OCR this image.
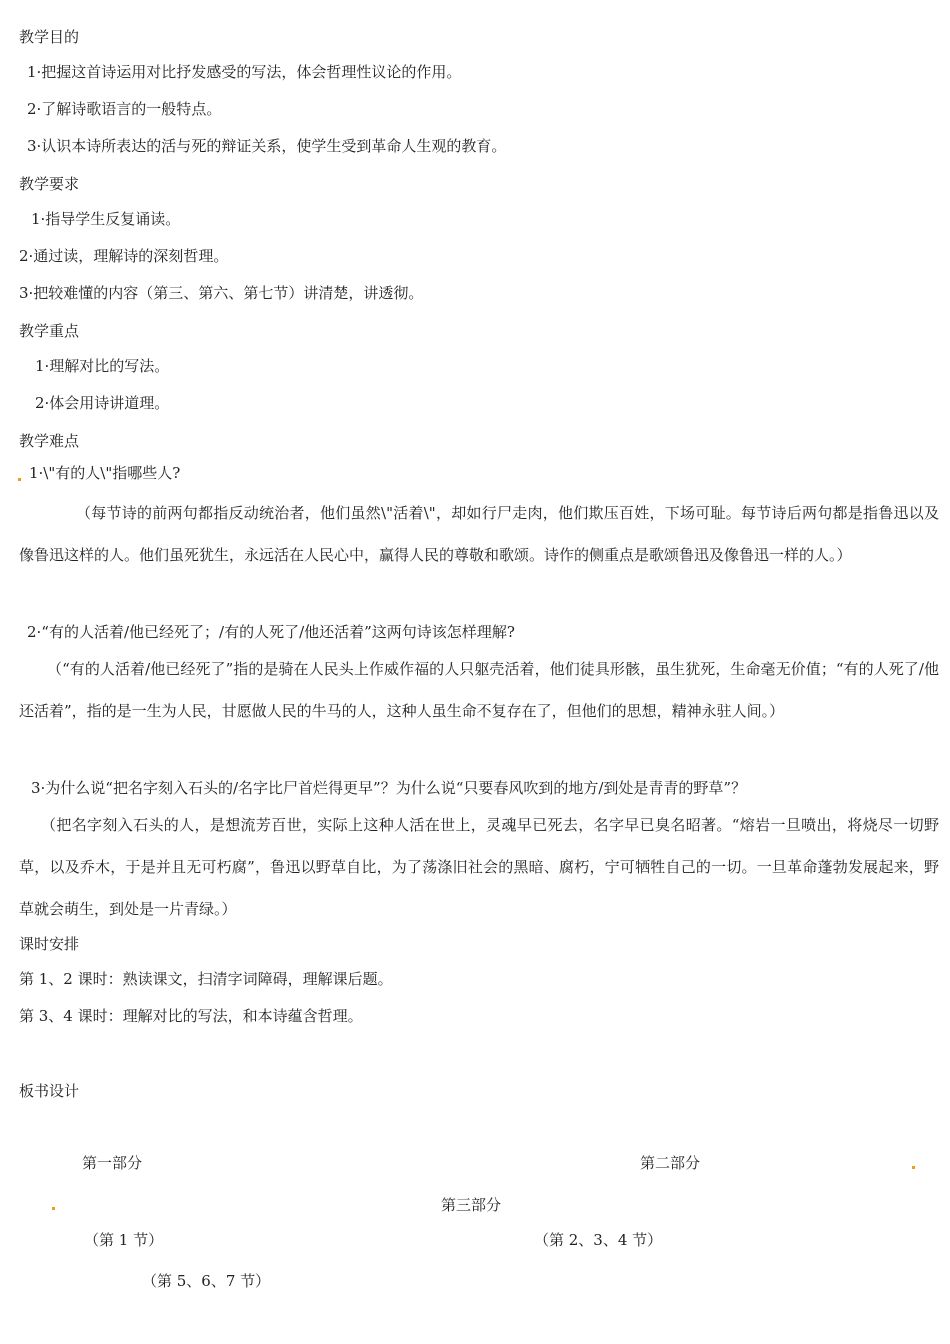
教学目的
1·把握这首诗运用对比抒发感受的写法，体会哲理性议论的作用。
2·了解诗歌语言的一般特点。
3·认识本诗所表达的活与死的辩证关系，使学生受到革命人生观的教育。
教学要求
1·指导学生反复诵读。
2·通过读，理解诗的深刻哲理。
3·把较难懂的内容（第三、第六、第七节）讲清楚，讲透彻。
教学重点
1·理解对比的写法。
2·体会用诗讲道理。
教学难点
1·\"有的人\"指哪些人?
（每节诗的前两句都指反动统治者，他们虽然\"活着\"，却如行尸走肉，他们欺压百姓，下场可耻。每节诗后两句都是指鲁迅以及像鲁迅这样的人。他们虽死犹生，永远活在人民心中，赢得人民的尊敬和歌颂。诗作的侧重点是歌颂鲁迅及像鲁迅一样的人。）
2·“有的人活着/他已经死了；/有的人死了/他还活着”这两句诗该怎样理解?
（“有的人活着/他已经死了”指的是骑在人民头上作威作福的人只躯壳活着，他们徒具形骸，虽生犹死，生命毫无价值；“有的人死了/他还活着”，指的是一生为人民，甘愿做人民的牛马的人，这种人虽生命不复存在了，但他们的思想，精神永驻人间。）
3·为什么说“把名字刻入石头的/名字比尸首烂得更早”？为什么说“只要春风吹到的地方/到处是青青的野草”？
（把名字刻入石头的人，是想流芳百世，实际上这种人活在世上，灵魂早已死去，名字早已臭名昭著。“熔岩一旦喷出，将烧尽一切野草，以及乔木，于是并且无可朽腐”，鲁迅以野草自比，为了荡涤旧社会的黑暗、腐朽，宁可牺牲自己的一切。一旦革命蓬勃发展起来，野草就会萌生，到处是一片青绿。）
课时安排
第 1、2 课时：熟读课文，扫清字词障碍，理解课后题。
第 3、4 课时：理解对比的写法，和本诗蕴含哲理。
板书设计
第一部分	第二部分
第三部分
（第 1 节）	（第 2、3、4 节）
（第 5、6、7 节）
